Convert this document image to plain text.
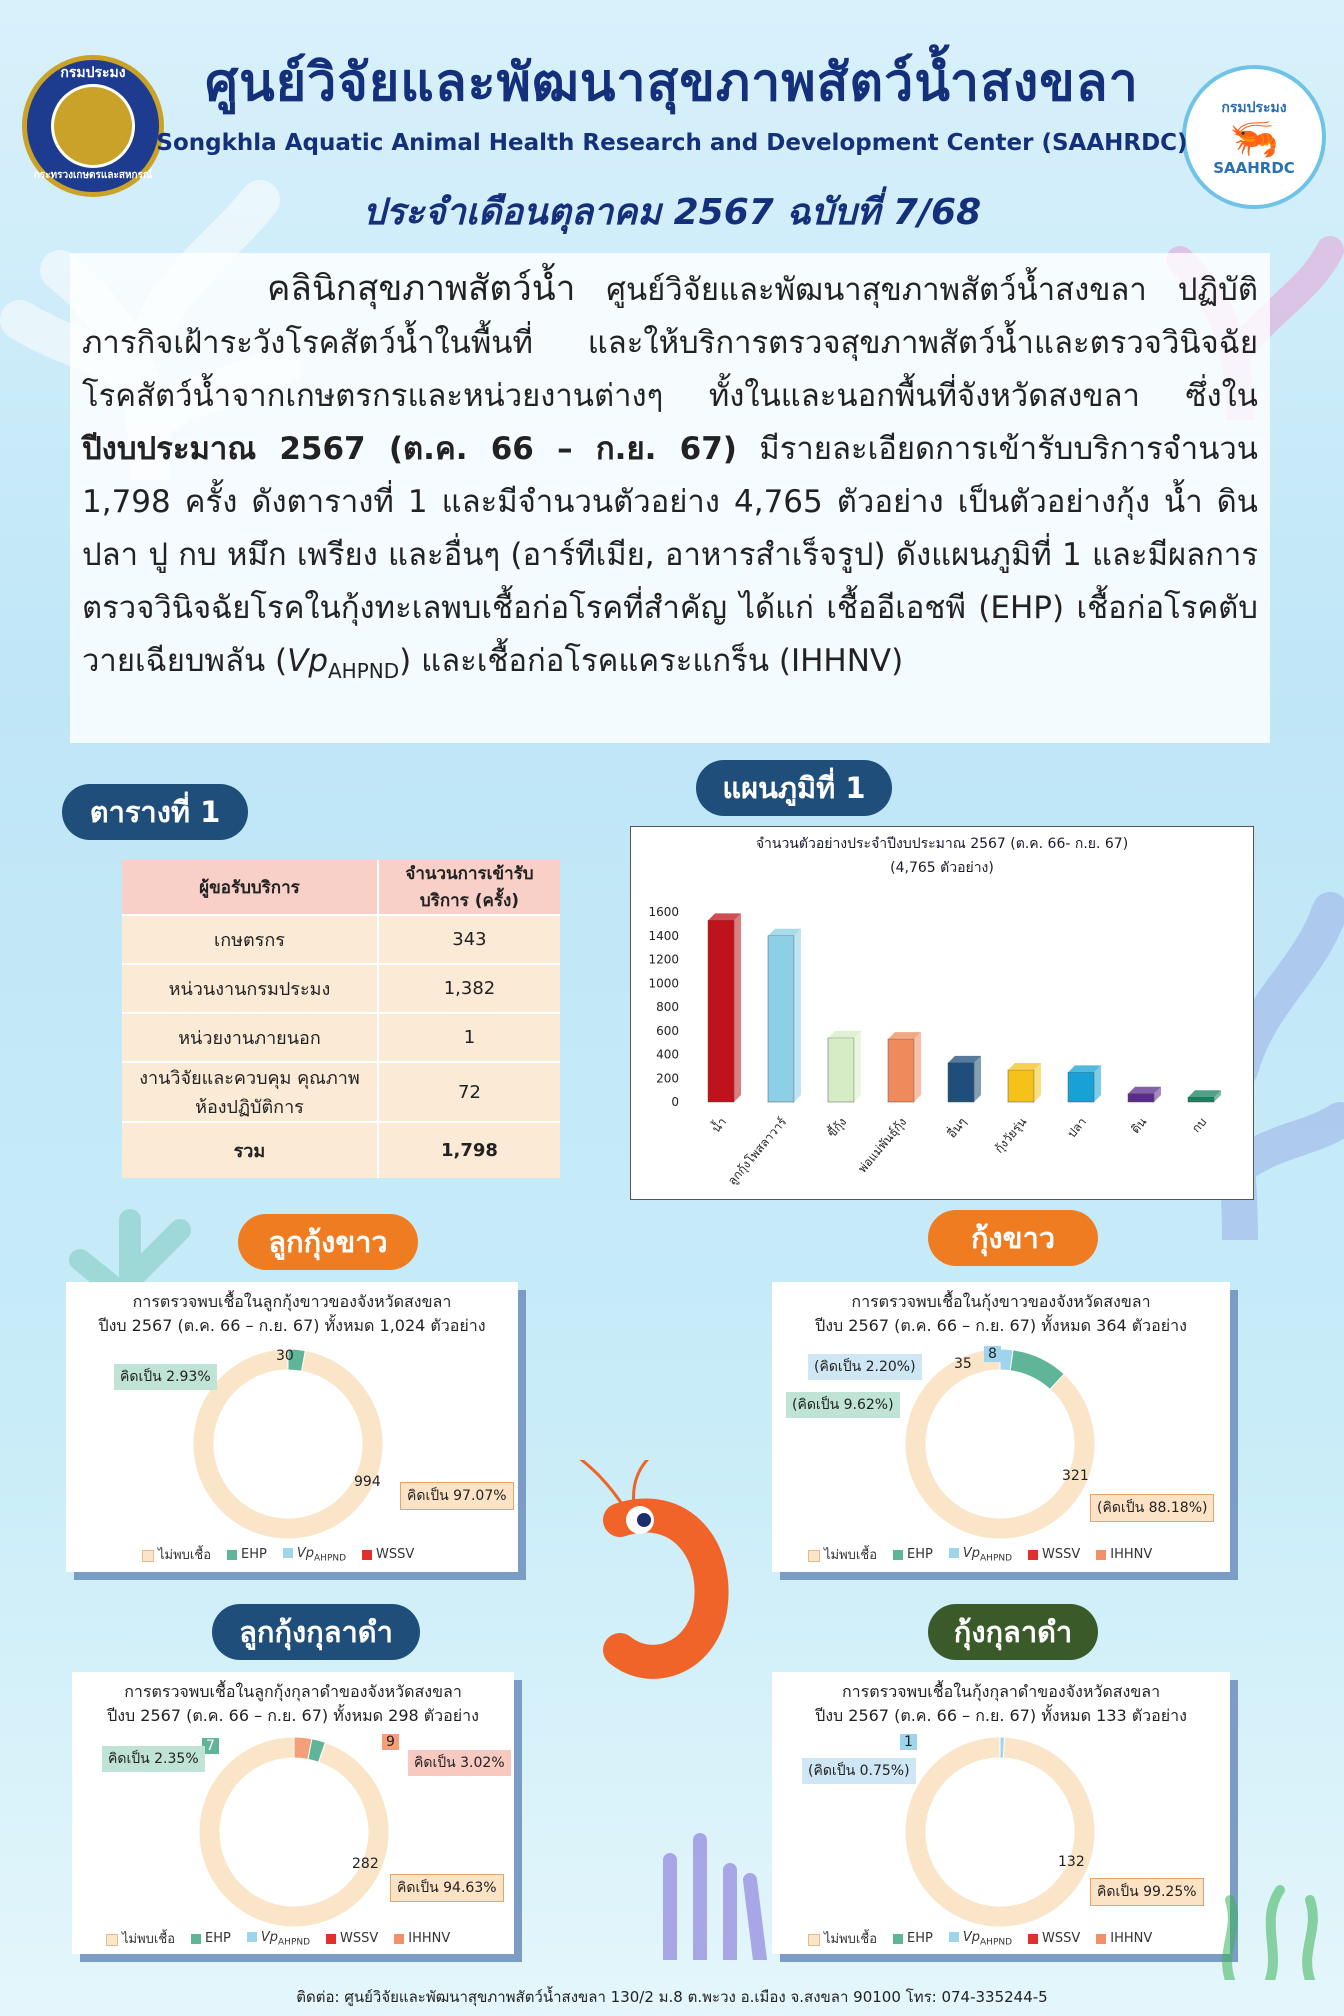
กรมประมง
กระทรวงเกษตรและสหกรณ์
กรมประมง
🦐
SAAHRDC
ศูนย์วิจัยและพัฒนาสุขภาพสัตว์น้ำสงขลา
Songkhla Aquatic Animal Health Research and Development Center (SAAHRDC)
ประจำเดือนตุลาคม 2567 ฉบับที่ 7/68
คลินิกสุขภาพสัตว์น้ำ ศูนย์วิจัยและพัฒนาสุขภาพสัตว์น้ำสงขลา ปฏิบัติภารกิจเฝ้าระวังโรคสัตว์น้ำในพื้นที่ และให้บริการตรวจสุขภาพสัตว์น้ำและตรวจวินิจฉัยโรคสัตว์น้ำจากเกษตรกรและหน่วยงานต่างๆ ทั้งในและนอกพื้นที่จังหวัดสงขลา ซึ่งในปีงบประมาณ 2567 (ต.ค. 66 – ก.ย. 67) มีรายละเอียดการเข้ารับบริการจำนวน 1,798 ครั้ง ดังตารางที่ 1 และมีจำนวนตัวอย่าง 4,765 ตัวอย่าง เป็นตัวอย่างกุ้ง น้ำ ดิน ปลา ปู กบ หมึก เพรียง และอื่นๆ (อาร์ทีเมีย, อาหารสำเร็จรูป) ดังแผนภูมิที่ 1 และมีผลการตรวจวินิจฉัยโรคในกุ้งทะเลพบเชื้อก่อโรคที่สำคัญ ได้แก่ เชื้ออีเอชพี (EHP) เชื้อก่อโรคตับวายเฉียบพลัน $(Vp_{AHPND})$ และเชื้อก่อโรคแคระแกร็น (IHHNV)
ตารางที่ 1
ผู้ขอรับบริการ	จำนวนการเข้ารับบริการ (ครั้ง)
เกษตรกร	343
หน่วนงานกรมประมง	1,382
หน่วยงานภายนอก	1
งานวิจัยและควบคุม คุณภาพห้องปฏิบัติการ	72
รวม	1,798
แผนภูมิที่ 1
จำนวนตัวอย่างประจำปีงบประมาณ 2567 (ต.ค. 66- ก.ย. 67)
(4,765 ตัวอย่าง)
0
200
400
600
800
1000
1200
1400
1600
น้ำ
ลูกกุ้งโพสลาวาร์	ขี้กุ้ง พ่อแม่พันธุ์กุ้ง	อื่นๆ กุ้งวัยรุ่น	ปลา	ดิน	กบ
ลูกกุ้งขาว
การตรวจพบเชื้อในลูกกุ้งขาวของจังหวัดสงขลา
ปีงบ 2567 (ต.ค. 66 – ก.ย. 67) ทั้งหมด 1,024 ตัวอย่าง
30
คิดเป็น 2.93%
994
คิดเป็น 97.07%
ไม่พบเชื้อ	EHP	$Vp_{AHPND}$	WSSV
กุ้งขาว
การตรวจพบเชื้อในกุ้งขาวของจังหวัดสงขลา
ปีงบ 2567 (ต.ค. 66 – ก.ย. 67) ทั้งหมด 364 ตัวอย่าง
8
(คิดเป็น 2.20%)	35
(คิดเป็น 9.62%)
321
(คิดเป็น 88.18%)
ไม่พบเชื้อ	EHP	$Vp_{AHPND}$	WSSV	IHHNV
ลูกกุ้งกุลาดำ
การตรวจพบเชื้อในลูกกุ้งกุลาดำของจังหวัดสงขลา
ปีงบ 2567 (ต.ค. 66 – ก.ย. 67) ทั้งหมด 298 ตัวอย่าง
7
คิดเป็น 2.35%
9
คิดเป็น 3.02%
282
คิดเป็น 94.63%
ไม่พบเชื้อ	EHP	$Vp_{AHPND}$	WSSV	IHHNV
กุ้งกุลาดำ
การตรวจพบเชื้อในกุ้งกุลาดำของจังหวัดสงขลา
ปีงบ 2567 (ต.ค. 66 – ก.ย. 67) ทั้งหมด 133 ตัวอย่าง
1
(คิดเป็น 0.75%)
132
คิดเป็น 99.25%
ไม่พบเชื้อ	EHP	$Vp_{AHPND}$	WSSV	IHHNV
ติดต่อ: ศูนย์วิจัยและพัฒนาสุขภาพสัตว์น้ำสงขลา 130/2 ม.8 ต.พะวง อ.เมือง จ.สงขลา 90100 โทร: 074-335244-5
